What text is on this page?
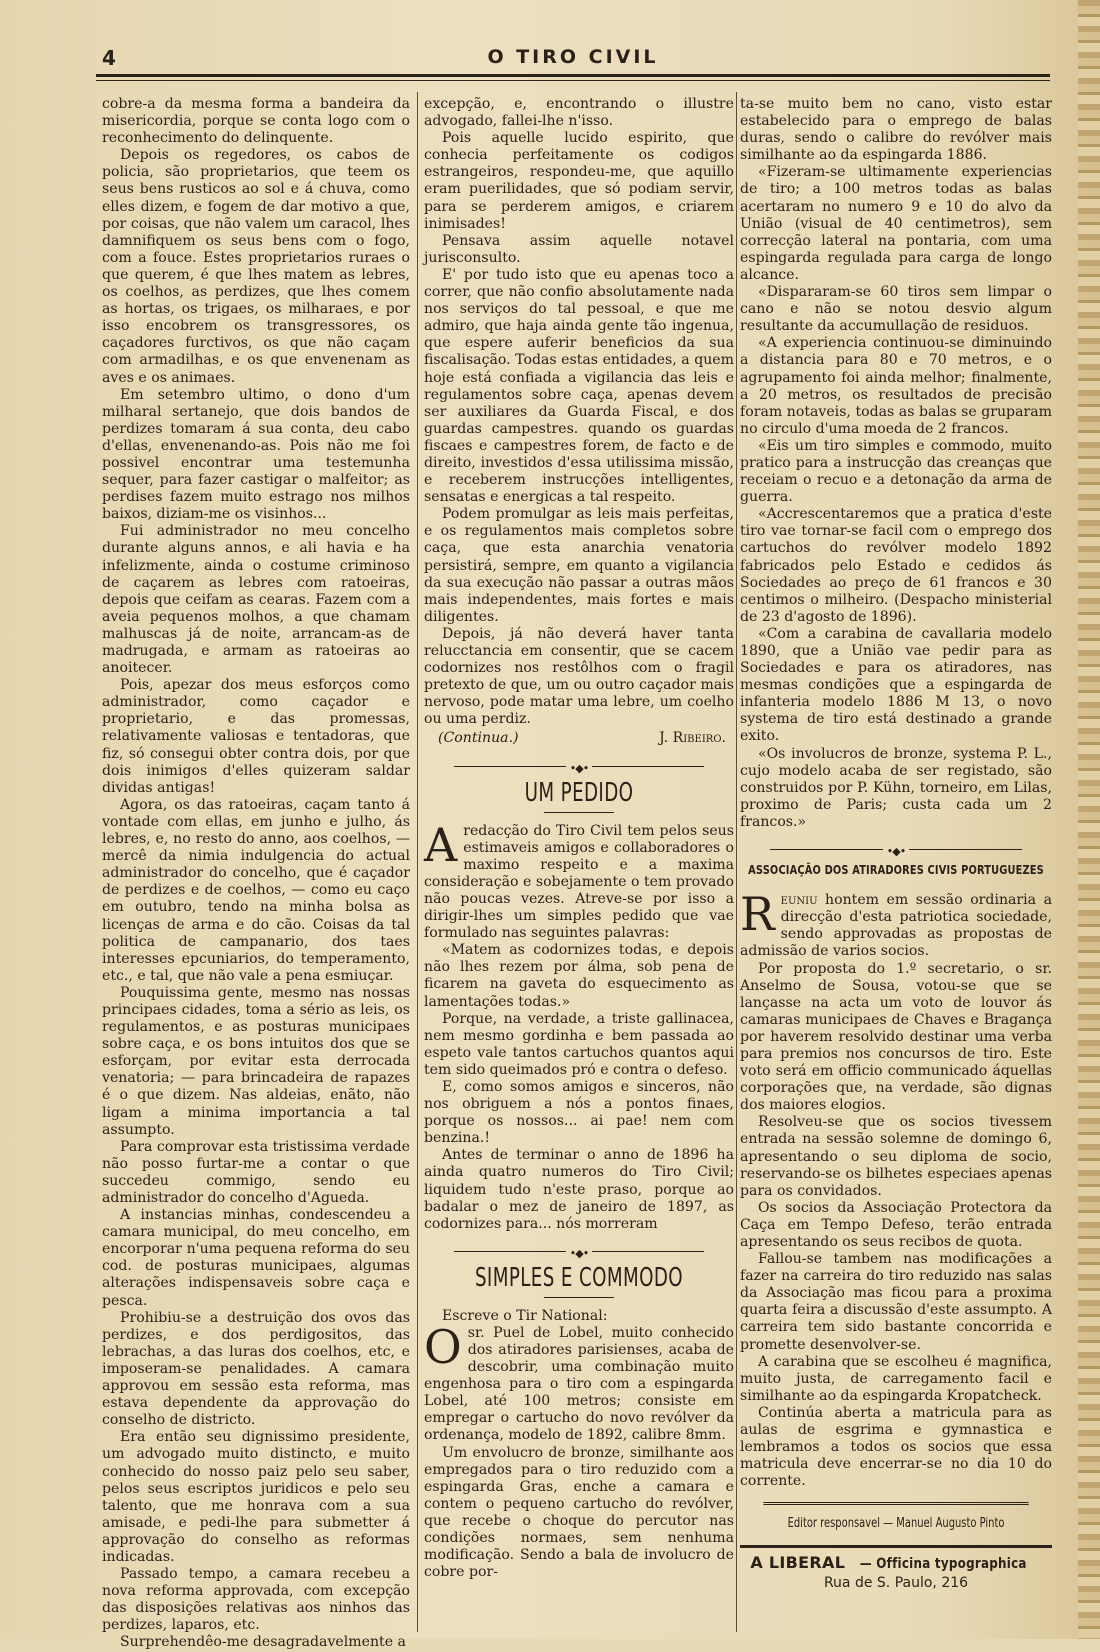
4	O TIRO CIVIL

cobre-a da mesma forma a bandeira da misericordia, porque se conta logo com o reconhecimento do delinquente.

Depois os regedores, os cabos de policia, são proprietarios, que teem os seus bens rusticos ao sol e á chuva, como elles dizem, e fogem de dar motivo a que, por coisas, que não valem um caracol, lhes damnifiquem os seus bens com o fogo, com a fouce. Estes proprietarios ruraes o que querem, é que lhes matem as lebres, os coelhos, as perdizes, que lhes comem as hortas, os trigaes, os milharaes, e por isso encobrem os transgressores, os caçadores furctivos, os que não caçam com armadilhas, e os que envenenam as aves e os animaes.

Em setembro ultimo, o dono d'um milharal sertanejo, que dois bandos de perdizes tomaram á sua conta, deu cabo d'ellas, envenenando-as. Pois não me foi possivel encontrar uma testemunha sequer, para fazer castigar o malfeitor; as perdises fazem muito estrago nos milhos baixos, diziam-me os visinhos...

Fui administrador no meu concelho durante alguns annos, e ali havia e ha infelizmente, ainda o costume criminoso de caçarem as lebres com ratoeiras, depois que ceifam as cearas. Fazem com a aveia pequenos molhos, a que chamam malhuscas já de noite, arrancam-as de madrugada, e armam as ratoeiras ao anoitecer.

Pois, apezar dos meus esforços como administrador, como caçador e proprietario, e das promessas, relativamente valiosas e tentadoras, que fiz, só consegui obter contra dois, por que dois inimigos d'elles quizeram saldar dividas antigas!

Agora, os das ratoeiras, caçam tanto á vontade com ellas, em junho e julho, ás lebres, e, no resto do anno, aos coelhos, — mercê da nimia indulgencia do actual administrador do concelho, que é caçador de perdizes e de coelhos, — como eu caço em outubro, tendo na minha bolsa as licenças de arma e do cão. Coisas da tal politica de campanario, dos taes interesses epcuniarios, do temperamento, etc., e tal, que não vale a pena esmiuçar.

Pouquissima gente, mesmo nas nossas principaes cidades, toma a sério as leis, os regulamentos, e as posturas municipaes sobre caça, e os bons intuitos dos que se esforçam, por evitar esta derrocada venatoria; — para brincadeira de rapazes é o que dizem. Nas aldeias, enãto, não ligam a minima importancia a tal assumpto.

Para comprovar esta tristissima verdade não posso furtar-me a contar o que succedeu commigo, sendo eu administrador do concelho d'Agueda.

A instancias minhas, condescendeu a camara municipal, do meu concelho, em encorporar n'uma pequena reforma do seu cod. de posturas municipaes, algumas alterações indispensaveis sobre caça e pesca.

Prohibiu-se a destruição dos ovos das perdizes, e dos perdigositos, das lebrachas, a das luras dos coelhos, etc, e imposeram-se penalidades. A camara approvou em sessão esta reforma, mas estava dependente da approvação do conselho de districto.

Era então seu dignissimo presidente, um advogado muito distincto, e muito conhecido do nosso paiz pelo seu saber, pelos seus escriptos juridicos e pelo seu talento, que me honrava com a sua amisade, e pedi-lhe para submetter á approvação do conselho as reformas indicadas.

Passado tempo, a camara recebeu a nova reforma approvada, com excepção das disposições relativas aos ninhos das perdizes, laparos, etc.

Surprehendêo-me desagradavelmente a

excepção, e, encontrando o illustre advogado, fallei-lhe n'isso.

Pois aquelle lucido espirito, que conhecia perfeitamente os codigos estrangeiros, respondeu-me, que aquillo eram puerilidades, que só podiam servir, para se perderem amigos, e criarem inimisades!

Pensava assim aquelle notavel jurisconsulto.

E' por tudo isto que eu apenas toco a correr, que não confio absolutamente nada nos serviços do tal pessoal, e que me admiro, que haja ainda gente tão ingenua, que espere auferir beneficios da sua fiscalisação. Todas estas entidades, a quem hoje está confiada a vigilancia das leis e regulamentos sobre caça, apenas devem ser auxiliares da Guarda Fiscal, e dos guardas campestres. quando os guardas fiscaes e campestres forem, de facto e de direito, investidos d'essa utilissima missão, e receberem instrucções intelligentes, sensatas e energicas a tal respeito.

Podem promulgar as leis mais perfeitas, e os regulamentos mais completos sobre caça, que esta anarchia venatoria persistirá, sempre, em quanto a vigilancia da sua execução não passar a outras mãos mais independentes, mais fortes e mais diligentes.

Depois, já não deverá haver tanta relucctancia em consentir, que se cacem codornizes nos restôlhos com o fragil pretexto de que, um ou outro caçador mais nervoso, pode matar uma lebre, um coelho ou uma perdiz.

(Continua.)	J. Ribeiro.
•◆•
UM PEDIDO

Aredacção do Tiro Civil tem pelos seus estimaveis amigos e collaboradores o maximo respeito e a maxima consideração e sobejamente o tem provado não poucas vezes. Atreve-se por isso a dirigir-lhes um simples pedido que vae formulado nas seguintes palavras:

«Matem as codornizes todas, e depois não lhes rezem por álma, sob pena de ficarem na gaveta do esquecimento as lamentações todas.»

Porque, na verdade, a triste gallinacea, nem mesmo gordinha e bem passada ao espeto vale tantos cartuchos quantos aqui tem sido queimados pró e contra o defeso.

E, como somos amigos e sinceros, não nos obriguem a nós a pontos finaes, porque os nossos... ai pae! nem com benzina.!

Antes de terminar o anno de 1896 ha ainda quatro numeros do Tiro Civil; liquidem tudo n'este praso, porque ao badalar o mez de janeiro de 1897, as codornizes para... nós morreram

•◆•
SIMPLES E COMMODO

Escreve o Tir National:

Osr. Puel de Lobel, muito conhecido dos atiradores parisienses, acaba de descobrir, uma combinação muito engenhosa para o tiro com a espingarda Lobel, até 100 metros; consiste em empregar o cartucho do novo revólver da ordenança, modelo de 1892, calibre 8mm.

Um envolucro de bronze, similhante aos empregados para o tiro reduzido com a espingarda Gras, enche a camara e contem o pequeno cartucho do revólver, que recebe o choque do percutor nas condições normaes, sem nenhuma modificação. Sendo a bala de involucro de cobre por-

ta-se muito bem no cano, visto estar estabelecido para o emprego de balas duras, sendo o calibre do revólver mais similhante ao da espingarda 1886.

«Fizeram-se ultimamente experiencias de tiro; a 100 metros todas as balas acertaram no numero 9 e 10 do alvo da União (visual de 40 centimetros), sem correcção lateral na pontaria, com uma espingarda regulada para carga de longo alcance.

«Dispararam-se 60 tiros sem limpar o cano e não se notou desvio algum resultante da accumullação de residuos.

«A experiencia continuou-se diminuindo a distancia para 80 e 70 metros, e o agrupamento foi ainda melhor; finalmente, a 20 metros, os resultados de precisão foram notaveis, todas as balas se gruparam no circulo d'uma moeda de 2 francos.

«Eis um tiro simples e commodo, muito pratico para a instrucção das creanças que receiam o recuo e a detonação da arma de guerra.

«Accrescentaremos que a pratica d'este tiro vae tornar-se facil com o emprego dos cartuchos do revólver modelo 1892 fabricados pelo Estado e cedidos ás Sociedades ao preço de 61 francos e 30 centimos o milheiro. (Despacho ministerial de 23 d'agosto de 1896).

«Com a carabina de cavallaria modelo 1890, que a União vae pedir para as Sociedades e para os atiradores, nas mesmas condições que a espingarda de infanteria modelo 1886 M 13, o novo systema de tiro está destinado a grande exito.

«Os involucros de bronze, systema P. L., cujo modelo acaba de ser registado, são construidos por P. Kühn, torneiro, em Lilas, proximo de Paris; custa cada um 2 francos.»

•◆•
ASSOCIAÇÃO DOS ATIRADORES CIVIS PORTUGUEZES

Reuniu hontem em sessão ordinaria a direcção d'esta patriotica sociedade, sendo approvadas as propostas de admissão de varios socios.

Por proposta do 1.º secretario, o sr. Anselmo de Sousa, votou-se que se lançasse na acta um voto de louvor ás camaras municipaes de Chaves e Bragança por haverem resolvido destinar uma verba para premios nos concursos de tiro. Este voto será em officio communicado áquellas corporações que, na verdade, são dignas dos maiores elogios.

Resolveu-se que os socios tivessem entrada na sessão solemne de domingo 6, apresentando o seu diploma de socio, reservando-se os bilhetes especiaes apenas para os convidados.

Os socios da Associação Protectora da Caça em Tempo Defeso, terão entrada apresentando os seus recibos de quota.

Fallou-se tambem nas modificações a fazer na carreira do tiro reduzido nas salas da Associação mas ficou para a proxima quarta feira a discussão d'este assumpto. A carreira tem sido bastante concorrida e promette desenvolver-se.

A carabina que se escolheu é magnifica, muito justa, de carregamento facil e similhante ao da espingarda Kropatcheck.

Continúa aberta a matricula para as aulas de esgrima e gymnastica e lembramos a todos os socios que essa matricula deve encerrar-se no dia 10 do corrente.

Editor responsavel — Manuel Augusto Pinto
A LIBERAL — Officina typographica
Rua de S. Paulo, 216
